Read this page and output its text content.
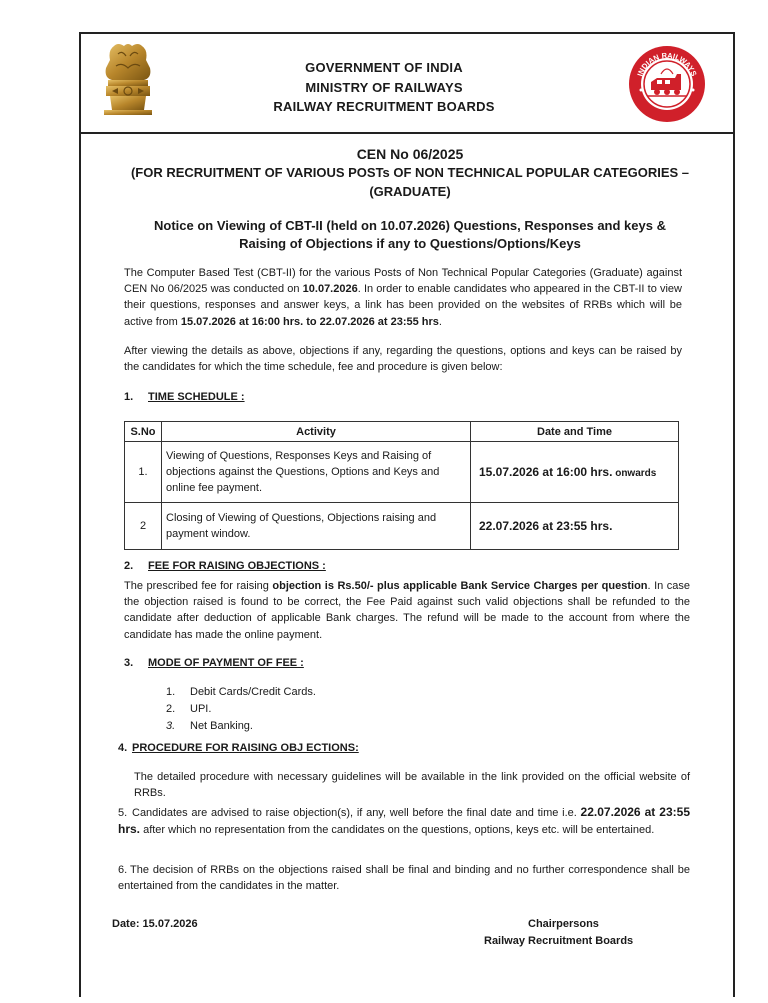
INDIAN RAILWAYS
GOVERNMENT OF INDIA
MINISTRY OF RAILWAYS
RAILWAY RECRUITMENT BOARDS
CEN No 06/2025
(FOR RECRUITMENT OF VARIOUS POSTs OF NON TECHNICAL POPULAR CATEGORIES –
(GRADUATE)
Notice on Viewing of CBT-II (held on 10.07.2026) Questions, Responses and keys &
Raising of Objections if any to Questions/Options/Keys
The Computer Based Test (CBT-II) for the various Posts of Non Technical Popular Categories (Graduate) against CEN No 06/2025 was conducted on 10.07.2026. In order to enable candidates who appeared in the CBT-II to view their questions, responses and answer keys, a link has been provided on the websites of RRBs which will be active from 15.07.2026 at 16:00 hrs. to 22.07.2026 at 23:55 hrs.
After viewing the details as above, objections if any, regarding the questions, options and keys can be raised by the candidates for which the time schedule, fee and procedure is given below:
1. TIME SCHEDULE :
S.No	Activity	Date and Time
1.	Viewing of Questions, Responses Keys and Raising of objections against the Questions, Options and Keys and online fee payment.	15.07.2026 at 16:00 hrs. onwards
2	Closing of Viewing of Questions, Objections raising and payment window.	22.07.2026 at 23:55 hrs.
2. FEE FOR RAISING OBJECTIONS :
The prescribed fee for raising objection is Rs.50/- plus applicable Bank Service Charges per question. In case the objection raised is found to be correct, the Fee Paid against such valid objections shall be refunded to the candidate after deduction of applicable Bank charges. The refund will be made to the account from where the candidate has made the online payment.
3. MODE OF PAYMENT OF FEE :
1. Debit Cards/Credit Cards.
2. UPI.
3. Net Banking.
4. PROCEDURE FOR RAISING OBJ ECTIONS:
The detailed procedure with necessary guidelines will be available in the link provided on the official website of RRBs.
5. Candidates are advised to raise objection(s), if any, well before the final date and time i.e. 22.07.2026 at 23:55 hrs. after which no representation from the candidates on the questions, options, keys etc. will be entertained.
6. The decision of RRBs on the objections raised shall be final and binding and no further correspondence shall be entertained from the candidates in the matter.
Date: 15.07.2026	Chairpersons
Railway Recruitment Boards
